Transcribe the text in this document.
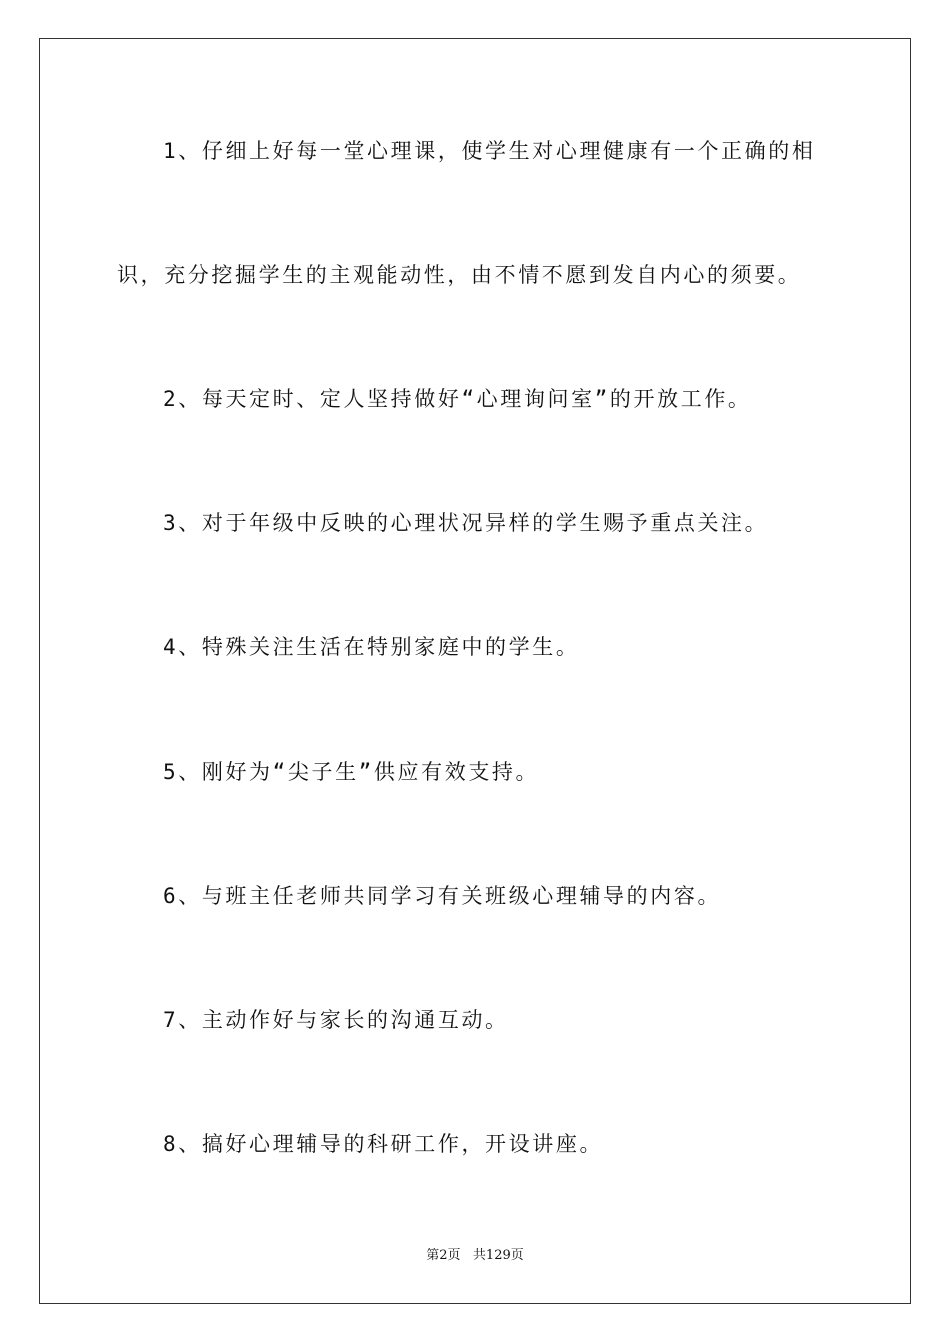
1、仔细上好每一堂心理课，使学生对心理健康有一个正确的相
识，充分挖掘学生的主观能动性，由不情不愿到发自内心的须要。
2、每天定时、定人坚持做好“心理询问室”的开放工作。
3、对于年级中反映的心理状况异样的学生赐予重点关注。
4、特殊关注生活在特别家庭中的学生。
5、刚好为“尖子生”供应有效支持。
6、与班主任老师共同学习有关班级心理辅导的内容。
7、主动作好与家长的沟通互动。
8、搞好心理辅导的科研工作，开设讲座。
第2页 共129页
